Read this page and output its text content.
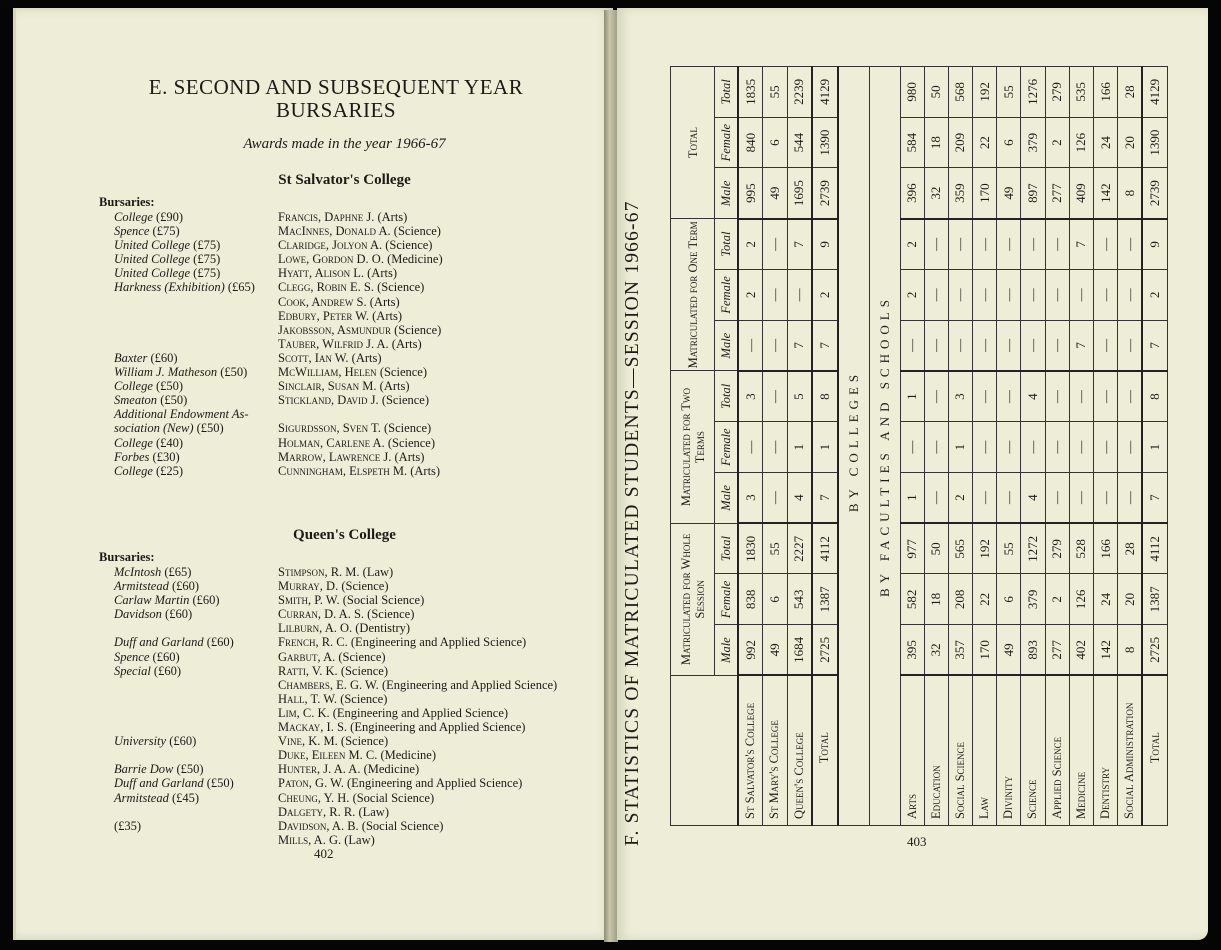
E. SECOND AND SUBSEQUENT YEAR BURSARIES
Awards made in the year 1966-67
St Salvator's College
Bursaries:
College (£90)	Francis, Daphne J. (Arts)
Spence (£75)	MacInnes, Donald A. (Science)
United College (£75)	Claridge, Jolyon A. (Science)
United College (£75)	Lowe, Gordon D. O. (Medicine)
United College (£75)	Hyatt, Alison L. (Arts)
Harkness (Exhibition) (£65)	Clegg, Robin E. S. (Science)
Cook, Andrew S. (Arts)
Edbury, Peter W. (Arts)
Jakobsson, Asmundur (Science)
Tauber, Wilfrid J. A. (Arts)
Baxter (£60)	Scott, Ian W. (Arts)
William J. Matheson (£50)	McWilliam, Helen (Science)
College (£50)	Sinclair, Susan M. (Arts)
Smeaton (£50)	Stickland, David J. (Science)
Additional Endowment As-
sociation (New) (£50)	Sigurdsson, Sven T. (Science)
College (£40)	Holman, Carlene A. (Science)
Forbes (£30)	Marrow, Lawrence J. (Arts)
College (£25)	Cunningham, Elspeth M. (Arts)
Queen's College
Bursaries:
McIntosh (£65)	Stimpson, R. M. (Law)
Armitstead (£60)	Murray, D. (Science)
Carlaw Martin (£60)	Smith, P. W. (Social Science)
Davidson (£60)	Curran, D. A. S. (Science)
Lilburn, A. O. (Dentistry)
Duff and Garland (£60)	French, R. C. (Engineering and Applied Science)
Spence (£60)	Garbut, A. (Science)
Special (£60)	Ratti, V. K. (Science)
Chambers, E. G. W. (Engineering and Applied Science)
Hall, T. W. (Science)
Lim, C. K. (Engineering and Applied Science)
Mackay, I. S. (Engineering and Applied Science)
University (£60)	Vine, K. M. (Science)
Duke, Eileen M. C. (Medicine)
Barrie Dow (£50)	Hunter, J. A. A. (Medicine)
Duff and Garland (£50)	Paton, G. W. (Engineering and Applied Science)
Armitstead (£45)	Cheung, Y. H. (Social Science)
Dalgety, R. R. (Law)
(£35)	Davidson, A. B. (Social Science)
Mills, A. G. (Law)
402
403
F. STATISTICS OF MATRICULATED STUDENTS—SESSION 1966-67
		Matriculated for Whole Session			Matriculated for Two Terms			Matriculated for One Term			Total		
	Male	Female	Total	Male	Female	Total	Male	Female	Total	Male	Female	Total
St Salvator's College	992	838	1830	3	—	3	—	2	2	995	840	1835
St Mary's College	49	6	55	—	—	—	—	—	—	49	6	55
Queen's College	1684	543	2227	4	1	5	7	—	7	1695	544	2239
Total	2725	1387	4112	7	1	8	7	2	9	2739	1390	4129
BY COLLEGES												
BY FACULTIES AND SCHOOLS												
Arts	395	582	977	1	—	1	—	2	2	396	584	980
Education	32	18	50	—	—	—	—	—	—	32	18	50
Social Science	357	208	565	2	1	3	—	—	—	359	209	568
Law	170	22	192	—	—	—	—	—	—	170	22	192
Divinity	49	6	55	—	—	—	—	—	—	49	6	55
Science	893	379	1272	4	—	4	—	—	—	897	379	1276
Applied Science	277	2	279	—	—	—	—	—	—	277	2	279
Medicine	402	126	528	—	—	—	7	—	7	409	126	535
Dentistry	142	24	166	—	—	—	—	—	—	142	24	166
Social Administration	8	20	28	—	—	—	—	—	—	8	20	28
Total	2725	1387	4112	7	1	8	7	2	9	2739	1390	4129
